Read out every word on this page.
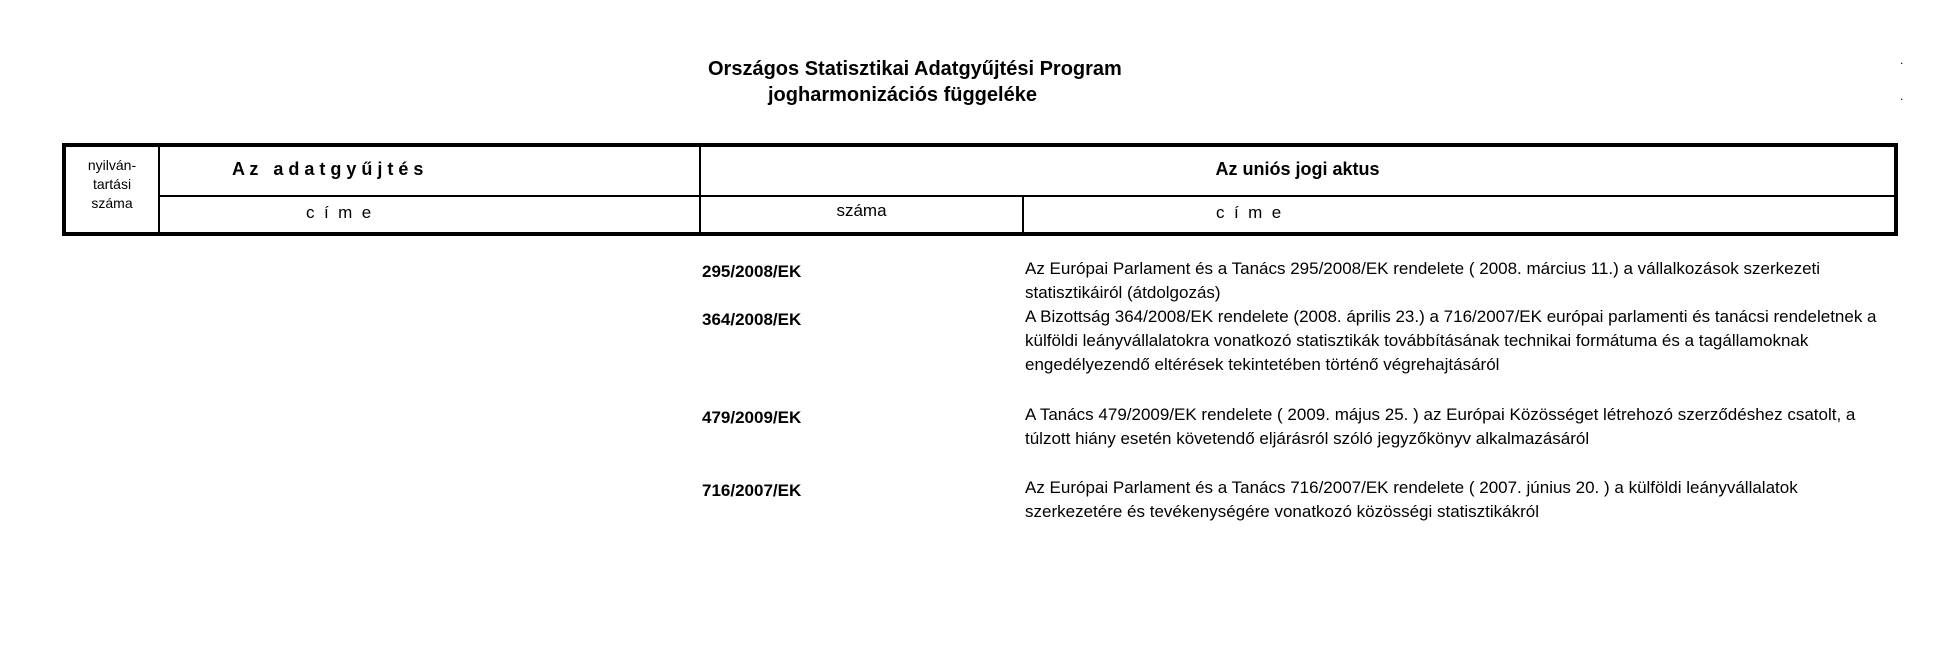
Országos Statisztikai Adatgyűjtési Program
jogharmonizációs függeléke
.
.
nyilván-
tartási
száma
A z   a d a t g y ű j t é s
c  í  m  e
Az uniós jogi aktus
száma	c  í  m  e
295/2008/EK	Az Európai Parlament és a Tanács 295/2008/EK rendelete ( 2008. március 11.) a vállalkozások szerkezeti statisztikáiról (átdolgozás)
364/2008/EK	A Bizottság 364/2008/EK rendelete (2008. április 23.) a 716/2007/EK európai parlamenti és tanácsi rendeletnek a külföldi leányvállalatokra vonatkozó statisztikák továbbításának technikai formátuma és a tagállamoknak engedélyezendő eltérések tekintetében történő végrehajtásáról
479/2009/EK	A Tanács 479/2009/EK rendelete ( 2009. május 25. ) az Európai Közösséget létrehozó szerződéshez csatolt, a túlzott hiány esetén követendő eljárásról szóló jegyzőkönyv alkalmazásáról
716/2007/EK	Az Európai Parlament és a Tanács 716/2007/EK rendelete ( 2007. június 20. ) a külföldi leányvállalatok szerkezetére és tevékenységére vonatkozó közösségi statisztikákról
